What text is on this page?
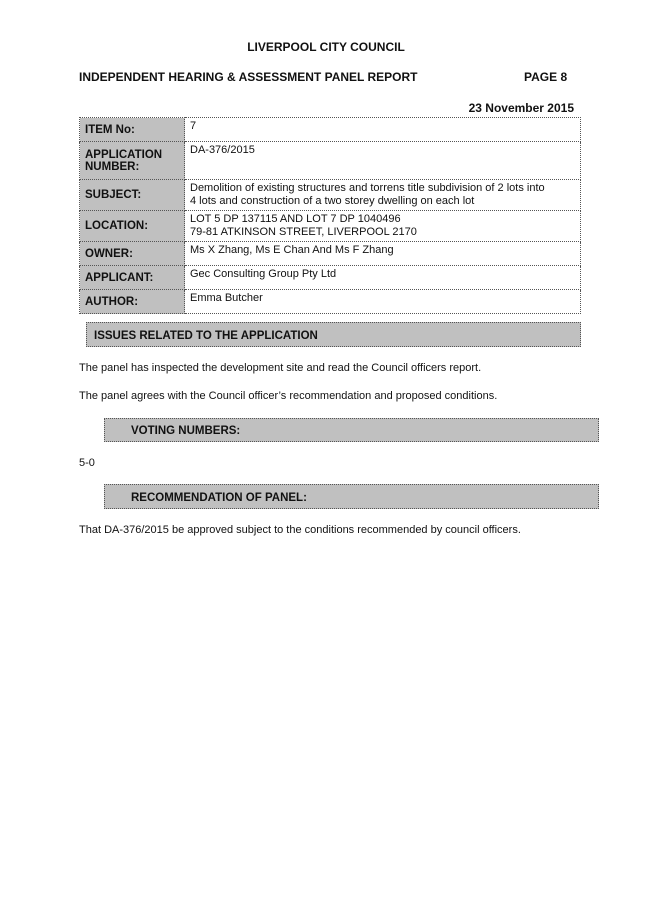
LIVERPOOL CITY COUNCIL
INDEPENDENT HEARING & ASSESSMENT PANEL REPORT	PAGE 8
23 November 2015
ITEM No:	7
APPLICATION NUMBER:	DA-376/2015
SUBJECT:	Demolition of existing structures and torrens title subdivision of 2 lots into
4 lots and construction of a two storey dwelling on each lot

LOCATION:	LOT 5 DP 137115 AND LOT 7 DP 1040496
79-81 ATKINSON STREET, LIVERPOOL 2170

OWNER:	Ms X Zhang, Ms E Chan And Ms F Zhang
APPLICANT:	Gec Consulting Group Pty Ltd
AUTHOR:	Emma Butcher
ISSUES RELATED TO THE APPLICATION
The panel has inspected the development site and read the Council officers report.
The panel agrees with the Council officer’s recommendation and proposed conditions.
VOTING NUMBERS:
5-0
RECOMMENDATION OF PANEL:
That DA-376/2015 be approved subject to the conditions recommended by council officers.
